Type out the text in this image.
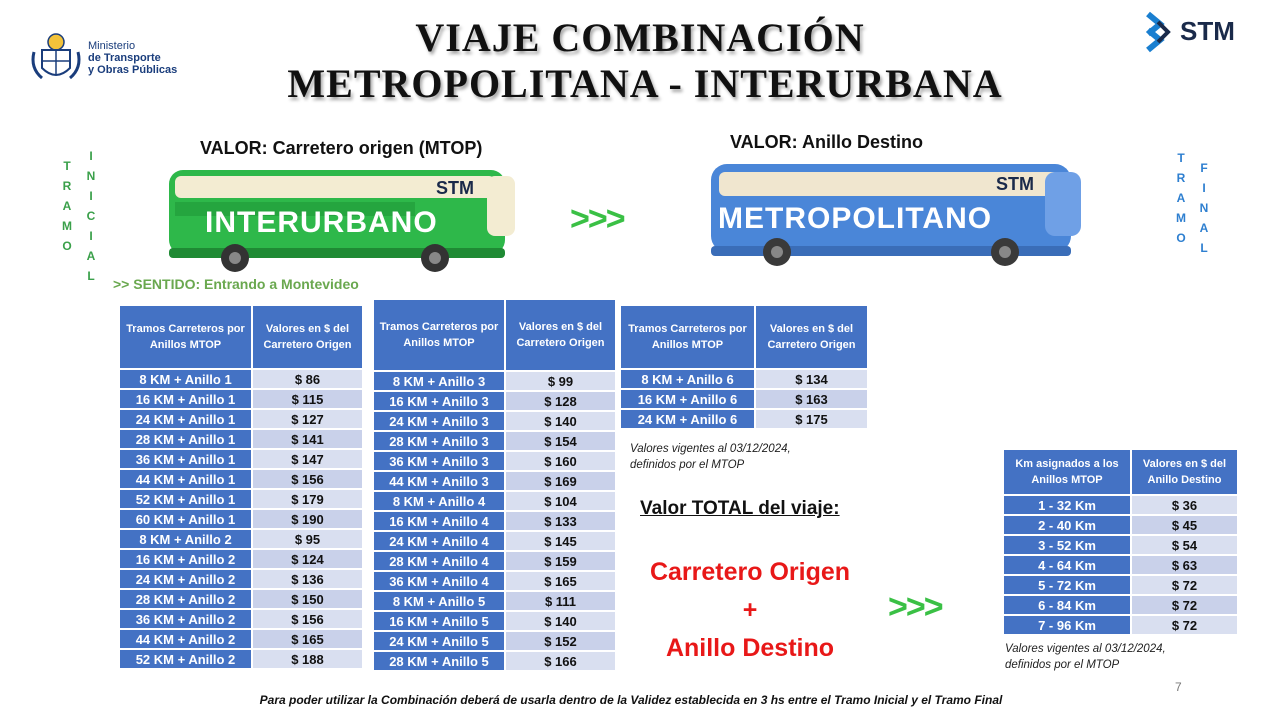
VIAJE COMBINACIÓN
METROPOLITANA - INTERURBANA
Ministerio
de Transporte
y Obras Públicas
STM
T
R
A
M
O
I
N
I
C
I
A
L
T
R
A
M
O
F
I
N
A
L
VALOR: Carretero origen (MTOP)
INTERURBANO
STM
>>>
VALOR: Anillo Destino
METROPOLITANO
STM
>> SENTIDO: Entrando a Montevideo
Tramos Carreteros por Anillos MTOP	Valores en $ del Carretero Origen
8 KM + Anillo 1	$ 86
16 KM + Anillo 1	$ 115
24 KM + Anillo 1	$ 127
28 KM + Anillo 1	$ 141
36 KM + Anillo 1	$ 147
44 KM + Anillo 1	$ 156
52 KM + Anillo 1	$ 179
60 KM + Anillo 1	$ 190
8 KM + Anillo 2	$ 95
16 KM + Anillo 2	$ 124
24 KM + Anillo 2	$ 136
28 KM + Anillo 2	$ 150
36 KM + Anillo 2	$ 156
44 KM + Anillo 2	$ 165
52 KM + Anillo 2	$ 188
Tramos Carreteros por Anillos MTOP	Valores en $ del Carretero Origen
8 KM + Anillo 3	$ 99
16 KM + Anillo 3	$ 128
24 KM + Anillo 3	$ 140
28 KM + Anillo 3	$ 154
36 KM + Anillo 3	$ 160
44 KM + Anillo 3	$ 169
8 KM + Anillo 4	$ 104
16 KM + Anillo 4	$ 133
24 KM + Anillo 4	$ 145
28 KM + Anillo 4	$ 159
36 KM + Anillo 4	$ 165
8 KM + Anillo 5	$ 111
16 KM + Anillo 5	$ 140
24 KM + Anillo 5	$ 152
28 KM + Anillo 5	$ 166
Tramos Carreteros por Anillos MTOP	Valores en $ del Carretero Origen
8 KM + Anillo 6	$ 134
16 KM + Anillo 6	$ 163
24 KM + Anillo 6	$ 175
Valores vigentes al 03/12/2024,
definidos por el MTOP	Km asignados a los Anillos MTOP	Valores en $ del Anillo Destino
1 - 32 Km	$ 36
2 - 40 Km	$ 45
3 - 52 Km	$ 54
4 - 64 Km	$ 63
5 - 72 Km	$ 72
6 - 84 Km	$ 72
7 - 96 Km	$ 72
Valores vigentes al 03/12/2024,
definidos por el MTOP
Valor TOTAL del viaje:
Carretero Origen
+
Anillo Destino
>>>
Para poder utilizar la Combinación deberá de usarla dentro de la Validez establecida en 3 hs entre el Tramo Inicial y el Tramo Final
7
